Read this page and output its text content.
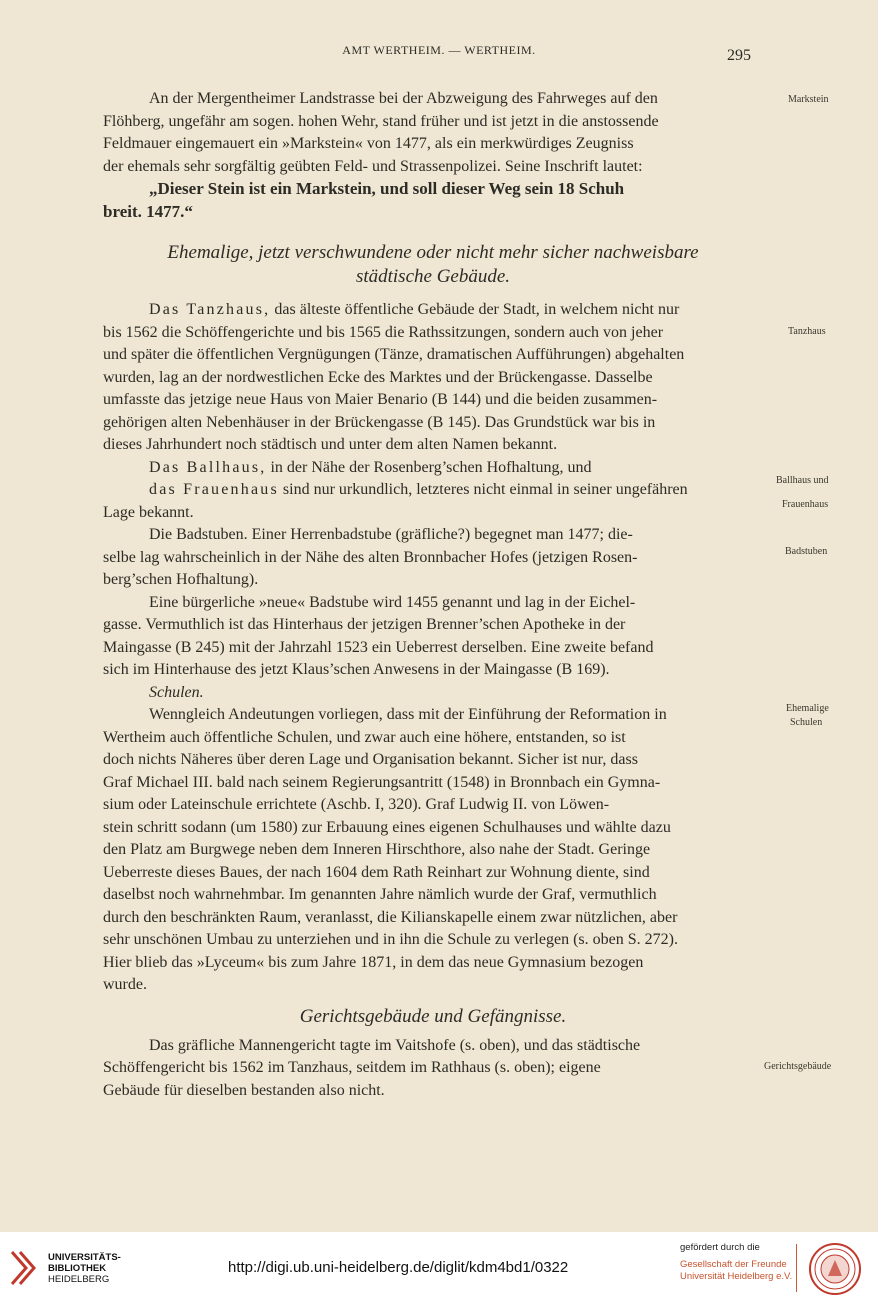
AMT WERTHEIM. — WERTHEIM.	295

An der Mergentheimer Landstrasse bei der Abzweigung des Fahrweges auf den

Flöhberg, ungefähr am sogen. hohen Wehr, stand früher und ist jetzt in die anstossende

Feldmauer eingemauert ein »Markstein« von 1477, als ein merkwürdiges Zeugniss

der ehemals sehr sorgfältig geübten Feld- und Strassenpolizei. Seine Inschrift lautet:

„Dieser Stein ist ein Markstein, und soll dieser Weg sein 18 Schuh

breit. 1477.“

Ehemalige, jetzt verschwundene oder nicht mehr sicher nachweisbare

städtische Gebäude.

Das Tanzhaus, das älteste öffentliche Gebäude der Stadt, in welchem nicht nur

bis 1562 die Schöffengerichte und bis 1565 die Rathssitzungen, sondern auch von jeher

und später die öffentlichen Vergnügungen (Tänze, dramatischen Aufführungen) abgehalten

wurden, lag an der nordwestlichen Ecke des Marktes und der Brückengasse. Dasselbe

umfasste das jetzige neue Haus von Maier Benario (B 144) und die beiden zusammen-

gehörigen alten Nebenhäuser in der Brückengasse (B 145). Das Grundstück war bis in

dieses Jahrhundert noch städtisch und unter dem alten Namen bekannt.

Das Ballhaus, in der Nähe der Rosenberg’schen Hofhaltung, und

das Frauenhaus sind nur urkundlich, letzteres nicht einmal in seiner ungefähren

Lage bekannt.

Die Badstuben. Einer Herrenbadstube (gräfliche?) begegnet man 1477; die-

selbe lag wahrscheinlich in der Nähe des alten Bronnbacher Hofes (jetzigen Rosen-

berg’schen Hofhaltung).

Eine bürgerliche »neue« Badstube wird 1455 genannt und lag in der Eichel-

gasse. Vermuthlich ist das Hinterhaus der jetzigen Brenner’schen Apotheke in der

Maingasse (B 245) mit der Jahrzahl 1523 ein Ueberrest derselben. Eine zweite befand

sich im Hinterhause des jetzt Klaus’schen Anwesens in der Maingasse (B 169).

Schulen.

Wenngleich Andeutungen vorliegen, dass mit der Einführung der Reformation in

Wertheim auch öffentliche Schulen, und zwar auch eine höhere, entstanden, so ist

doch nichts Näheres über deren Lage und Organisation bekannt. Sicher ist nur, dass

Graf Michael III. bald nach seinem Regierungsantritt (1548) in Bronnbach ein Gymna-

sium oder Lateinschule errichtete (Aschb. I, 320). Graf Ludwig II. von Löwen-

stein schritt sodann (um 1580) zur Erbauung eines eigenen Schulhauses und wählte dazu

den Platz am Burgwege neben dem Inneren Hirschthore, also nahe der Stadt. Geringe

Ueberreste dieses Baues, der nach 1604 dem Rath Reinhart zur Wohnung diente, sind

daselbst noch wahrnehmbar. Im genannten Jahre nämlich wurde der Graf, vermuthlich

durch den beschränkten Raum, veranlasst, die Kilianskapelle einem zwar nützlichen, aber

sehr unschönen Umbau zu unterziehen und in ihn die Schule zu verlegen (s. oben S. 272).

Hier blieb das »Lyceum« bis zum Jahre 1871, in dem das neue Gymnasium bezogen

wurde.

Gerichtsgebäude und Gefängnisse.

Das gräfliche Mannengericht tagte im Vaitshofe (s. oben), und das städtische

Schöffengericht bis 1562 im Tanzhaus, seitdem im Rathhaus (s. oben); eigene

Gebäude für dieselben bestanden also nicht.

Markstein
Tanzhaus
Ballhaus und
Frauenhaus
Badstuben
Ehemalige
Schulen
Gerichtsgebäude
UNIVERSITÄTS-
BIBLIOTHEK
HEIDELBERG
http://digi.ub.uni-heidelberg.de/diglit/kdm4bd1/0322
gefördert durch die
Gesellschaft der Freunde
Universität Heidelberg e.V.
